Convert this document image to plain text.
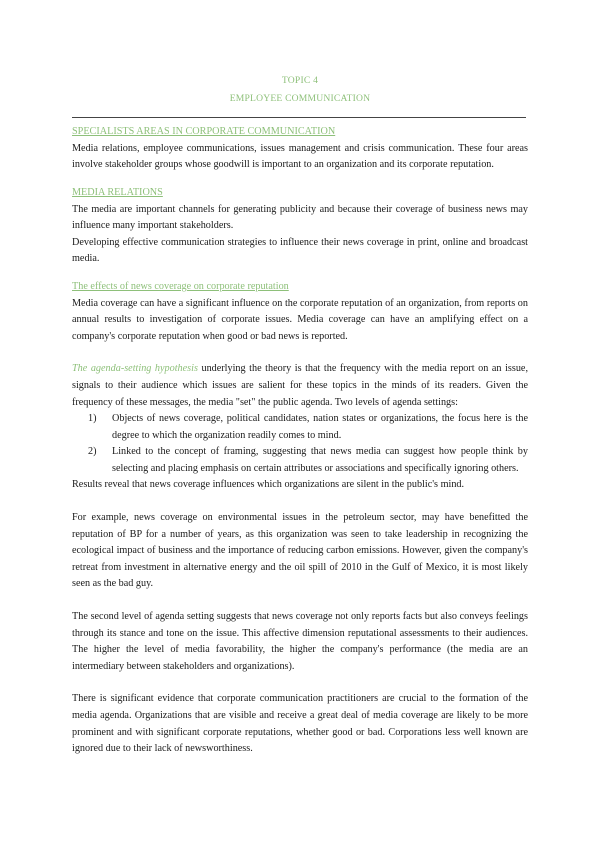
TOPIC 4
EMPLOYEE COMMUNICATION
SPECIALISTS AREAS IN CORPORATE COMMUNICATION

Media relations, employee communications, issues management and crisis communication. These four areas involve stakeholder groups whose goodwill is important to an organization and its corporate reputation.

MEDIA RELATIONS

The media are important channels for generating publicity and because their coverage of business news may influence many important stakeholders.

Developing effective communication strategies to influence their news coverage in print, online and broadcast media.

The effects of news coverage on corporate reputation

Media coverage can have a significant influence on the corporate reputation of an organization, from reports on annual results to investigation of corporate issues. Media coverage can have an amplifying effect on a company's corporate reputation when good or bad news is reported.

The agenda-setting hypothesis underlying the theory is that the frequency with the media report on an issue, signals to their audience which issues are salient for these topics in the minds of its readers. Given the frequency of these messages, the media "set" the public agenda. Two levels of agenda settings:

1) Objects of news coverage, political candidates, nation states or organizations, the focus here is the degree to which the organization readily comes to mind.
2) Linked to the concept of framing, suggesting that news media can suggest how people think by selecting and placing emphasis on certain attributes or associations and specifically ignoring others.

Results reveal that news coverage influences which organizations are silent in the public's mind.

For example, news coverage on environmental issues in the petroleum sector, may have benefitted the reputation of BP for a number of years, as this organization was seen to take leadership in recognizing the ecological impact of business and the importance of reducing carbon emissions. However, given the company's retreat from investment in alternative energy and the oil spill of 2010 in the Gulf of Mexico, it is most likely seen as the bad guy.

The second level of agenda setting suggests that news coverage not only reports facts but also conveys feelings through its stance and tone on the issue. This affective dimension reputational assessments to their audiences. The higher the level of media favorability, the higher the company's performance (the media are an intermediary between stakeholders and organizations).

There is significant evidence that corporate communication practitioners are crucial to the formation of the media agenda. Organizations that are visible and receive a great deal of media coverage are likely to be more prominent and with significant corporate reputations, whether good or bad. Corporations less well known are ignored due to their lack of newsworthiness.
